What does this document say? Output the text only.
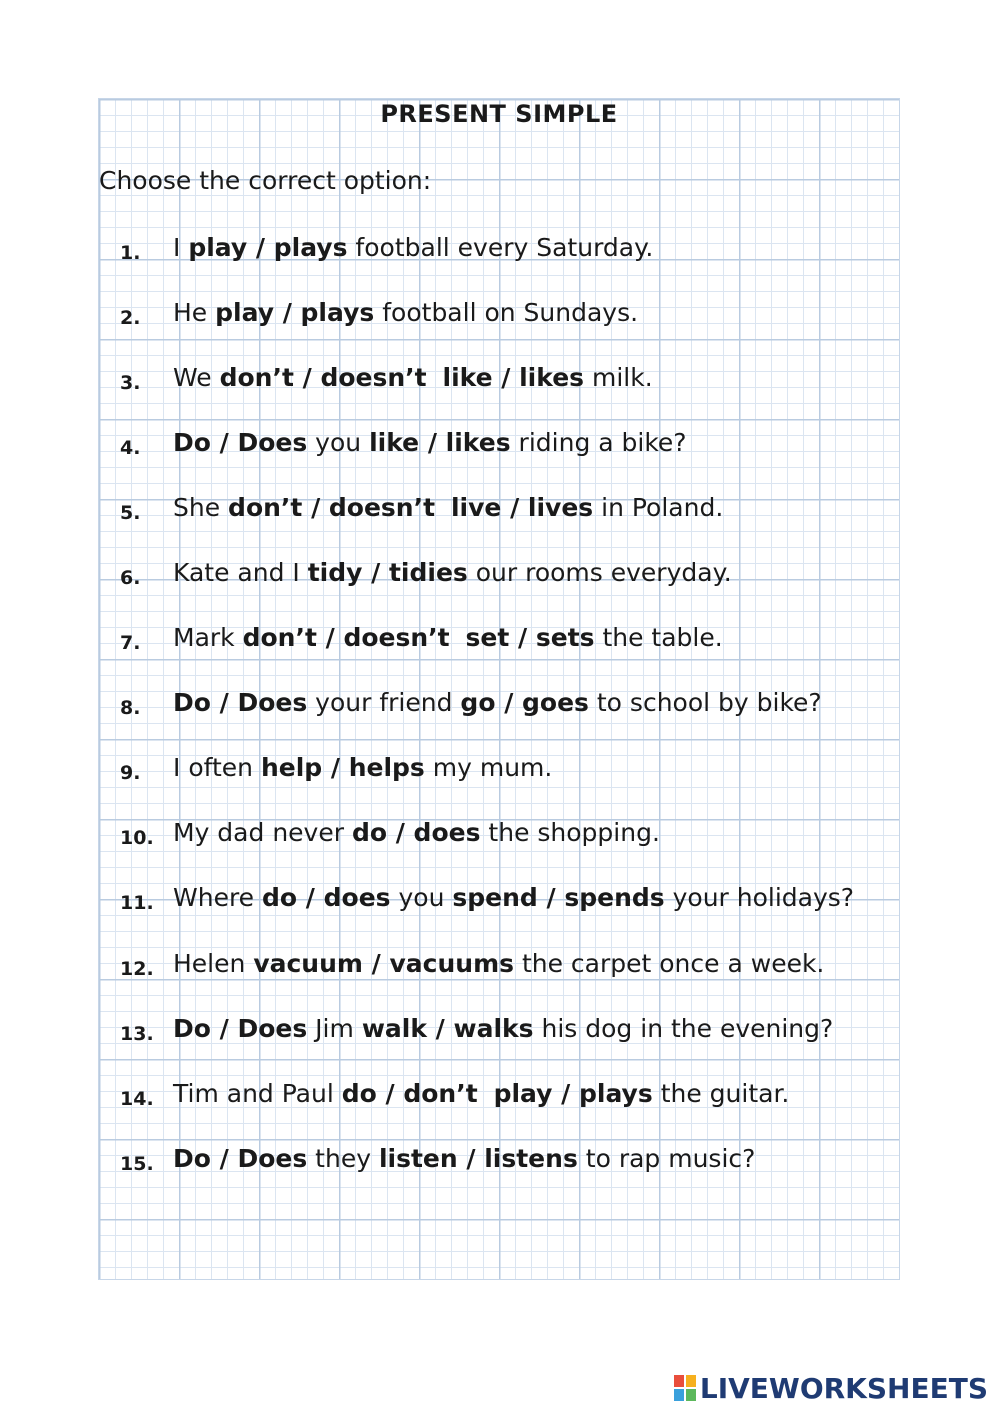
PRESENT SIMPLE
Choose the correct option:
1. I play / plays football every Saturday.
2. He play / plays football on Sundays.
3. We don’t / doesn’t like / likes milk.
4. Do / Does you like / likes riding a bike?
5. She don’t / doesn’t live / lives in Poland.
6. Kate and I tidy / tidies our rooms everyday.
7. Mark don’t / doesn’t set / sets the table.
8. Do / Does your friend go / goes to school by bike?
9. I often help / helps my mum.
10. My dad never do / does the shopping.
11. Where do / does you spend / spends your holidays?
12. Helen vacuum / vacuums the carpet once a week.
13. Do / Does Jim walk / walks his dog in the evening?
14. Tim and Paul do / don’t play / plays the guitar.
15. Do / Does they listen / listens to rap music?
LIVEWORKSHEETS
